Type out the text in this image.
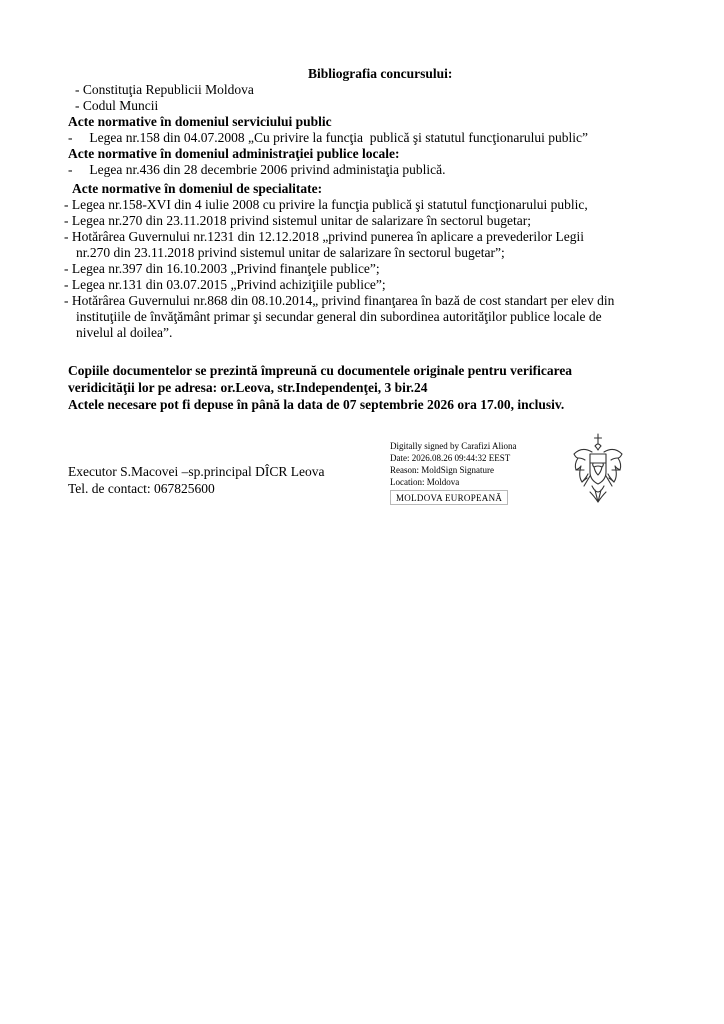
Bibliografia concursului:
- Constituţia Republicii Moldova
- Codul Muncii
Acte normative în domeniul serviciului public
-     Legea nr.158 din 04.07.2008 „Cu privire la funcţia  publică şi statutul funcţionarului public”
Acte normative în domeniul administraţiei publice locale:
-     Legea nr.436 din 28 decembrie 2006 privind administaţia publică.
Acte normative în domeniul de specialitate:
- Legea nr.158-XVI din 4 iulie 2008 cu privire la funcţia publică şi statutul funcţionarului public,
- Legea nr.270 din 23.11.2018 privind sistemul unitar de salarizare în sectorul bugetar;
- Hotărârea Guvernului nr.1231 din 12.12.2018 „privind punerea în aplicare a prevederilor Legii
nr.270 din 23.11.2018 privind sistemul unitar de salarizare în sectorul bugetar”;
- Legea nr.397 din 16.10.2003 „Privind finanţele publice”;
- Legea nr.131 din 03.07.2015 „Privind achiziţiile publice”;
- Hotărârea Guvernului nr.868 din 08.10.2014„ privind finanţarea în bază de cost standart per elev din
instituţiile de învăţământ primar şi secundar general din subordinea autorităţilor publice locale de
nivelul al doilea”.
Copiile documentelor se prezintă împreună cu documentele originale pentru verificarea
veridicităţii lor pe adresa: or.Leova, str.Independenţei, 3 bir.24
Actele necesare pot fi depuse în până la data de 07 septembrie 2026 ora 17.00, inclusiv.
Executor S.Macovei –sp.principal DÎCR Leova
Tel. de contact: 067825600
Digitally signed by Carafizi Aliona
Date: 2026.08.26 09:44:32 EEST
Reason: MoldSign Signature
Location: Moldova
MOLDOVA EUROPEANĂ
